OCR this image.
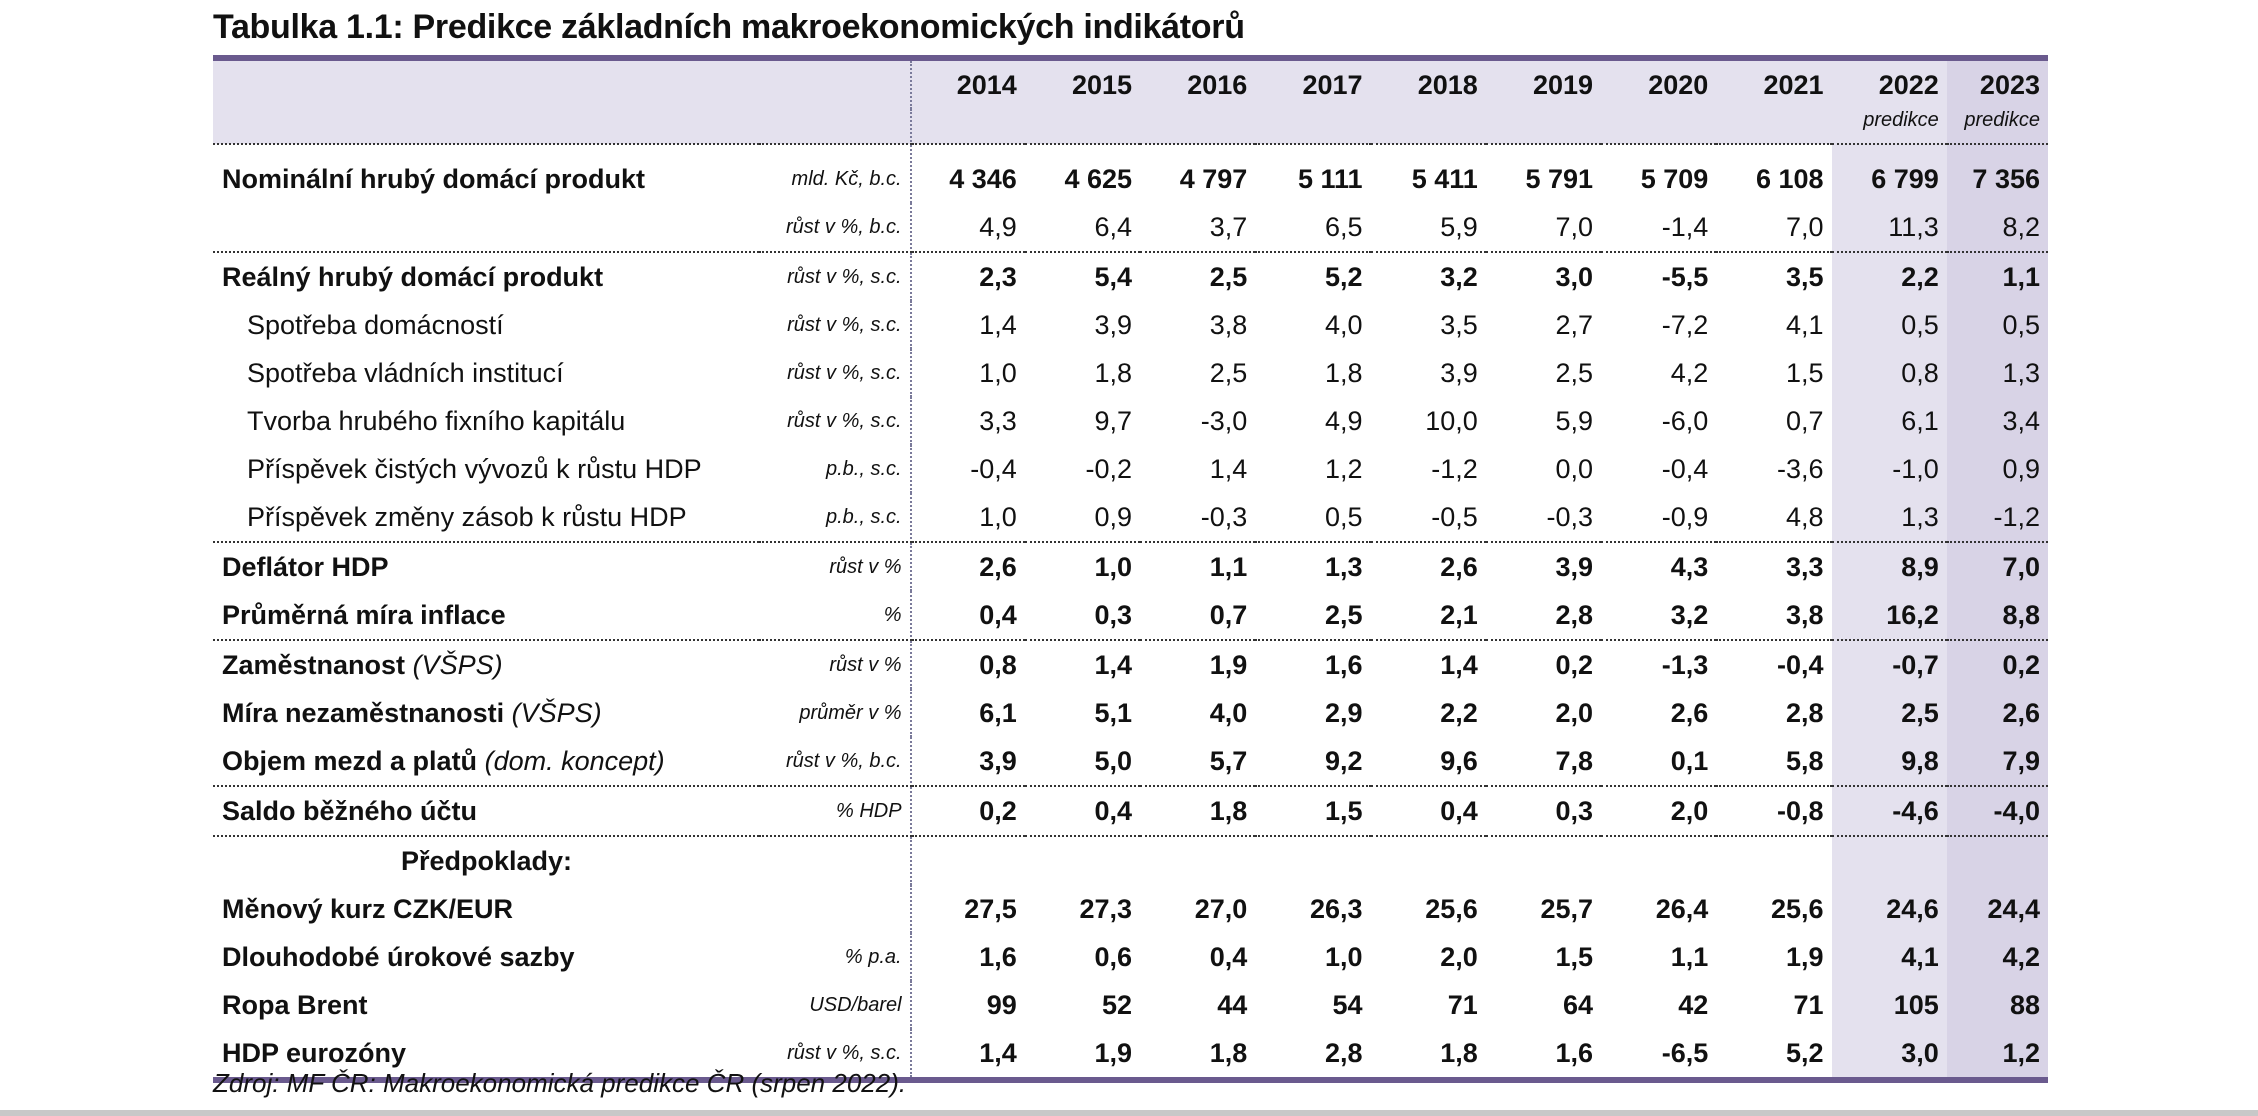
Tabulka 1.1: Predikce základních makroekonomických indikátorů
		2014	2015	2016	2017	2018	2019	2020	2021	2022	2023
										predikce	predikce
Nominální hrubý domácí produkt	mld. Kč, b.c.	4 346	4 625	4 797	5 111	5 411	5 791	5 709	6 108	6 799	7 356
	růst v %, b.c.	4,9	6,4	3,7	6,5	5,9	7,0	-1,4	7,0	11,3	8,2
Reálný hrubý domácí produkt	růst v %, s.c.	2,3	5,4	2,5	5,2	3,2	3,0	-5,5	3,5	2,2	1,1
Spotřeba domácností	růst v %, s.c.	1,4	3,9	3,8	4,0	3,5	2,7	-7,2	4,1	0,5	0,5
Spotřeba vládních institucí	růst v %, s.c.	1,0	1,8	2,5	1,8	3,9	2,5	4,2	1,5	0,8	1,3
Tvorba hrubého fixního kapitálu	růst v %, s.c.	3,3	9,7	-3,0	4,9	10,0	5,9	-6,0	0,7	6,1	3,4
Příspěvek čistých vývozů k růstu HDP	p.b., s.c.	-0,4	-0,2	1,4	1,2	-1,2	0,0	-0,4	-3,6	-1,0	0,9
Příspěvek změny zásob k růstu HDP	p.b., s.c.	1,0	0,9	-0,3	0,5	-0,5	-0,3	-0,9	4,8	1,3	-1,2
Deflátor HDP	růst v %	2,6	1,0	1,1	1,3	2,6	3,9	4,3	3,3	8,9	7,0
Průměrná míra inflace	%	0,4	0,3	0,7	2,5	2,1	2,8	3,2	3,8	16,2	8,8
Zaměstnanost (VŠPS)	růst v %	0,8	1,4	1,9	1,6	1,4	0,2	-1,3	-0,4	-0,7	0,2
Míra nezaměstnanosti (VŠPS)	průměr v %	6,1	5,1	4,0	2,9	2,2	2,0	2,6	2,8	2,5	2,6
Objem mezd a platů (dom. koncept)	růst v %, b.c.	3,9	5,0	5,7	9,2	9,6	7,8	0,1	5,8	9,8	7,9
Saldo běžného účtu	% HDP	0,2	0,4	1,8	1,5	0,4	0,3	2,0	-0,8	-4,6	-4,0
Předpoklady:											
Měnový kurz CZK/EUR		27,5	27,3	27,0	26,3	25,6	25,7	26,4	25,6	24,6	24,4
Dlouhodobé úrokové sazby	% p.a.	1,6	0,6	0,4	1,0	2,0	1,5	1,1	1,9	4,1	4,2
Ropa Brent	USD/barel	99	52	44	54	71	64	42	71	105	88
HDP eurozóny	růst v %, s.c.	1,4	1,9	1,8	2,8	1,8	1,6	-6,5	5,2	3,0	1,2
Zdroj: MF ČR: Makroekonomická predikce ČR (srpen 2022).
